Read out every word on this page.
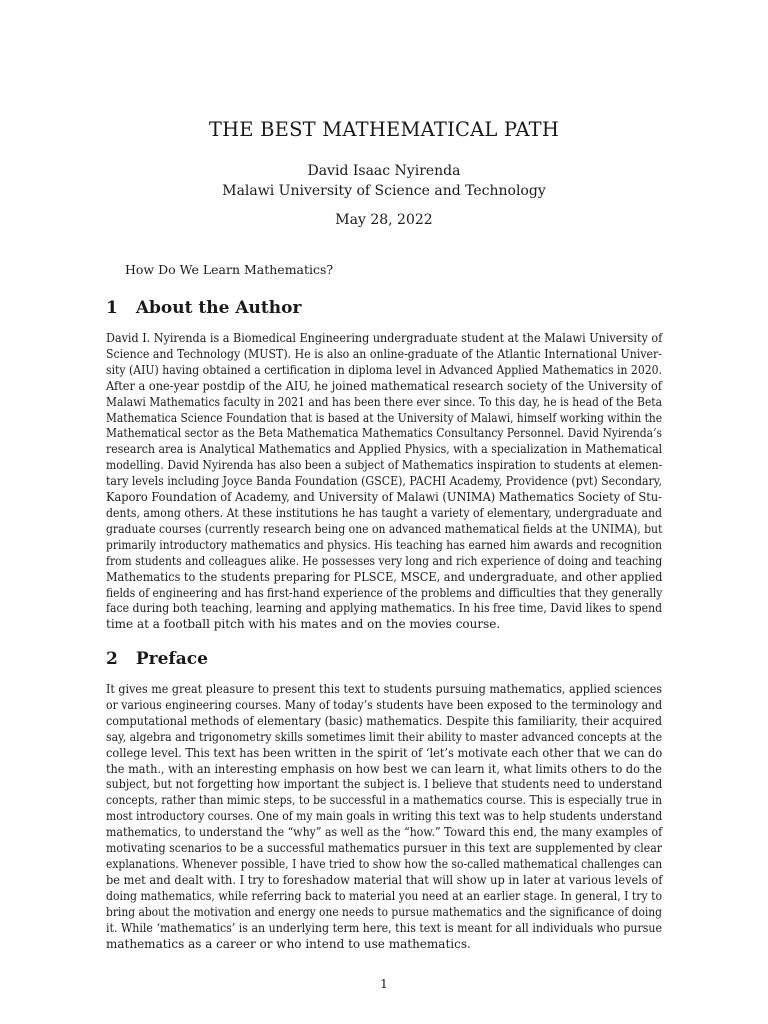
THE BEST MATHEMATICAL PATH
David Isaac Nyirenda
Malawi University of Science and Technology
May 28, 2022
How Do We Learn Mathematics?
1 About the Author
David I. Nyirenda is a Biomedical Engineering undergraduate student at the Malawi University of
Science and Technology (MUST). He is also an online-graduate of the Atlantic International Univer-
sity (AIU) having obtained a certification in diploma level in Advanced Applied Mathematics in 2020.
After a one-year postdip of the AIU, he joined mathematical research society of the University of
Malawi Mathematics faculty in 2021 and has been there ever since. To this day, he is head of the Beta
Mathematica Science Foundation that is based at the University of Malawi, himself working within the
Mathematical sector as the Beta Mathematica Mathematics Consultancy Personnel. David Nyirenda’s
research area is Analytical Mathematics and Applied Physics, with a specialization in Mathematical
modelling. David Nyirenda has also been a subject of Mathematics inspiration to students at elemen-
tary levels including Joyce Banda Foundation (GSCE), PACHI Academy, Providence (pvt) Secondary,
Kaporo Foundation of Academy, and University of Malawi (UNIMA) Mathematics Society of Stu-
dents, among others. At these institutions he has taught a variety of elementary, undergraduate and
graduate courses (currently research being one on advanced mathematical fields at the UNIMA), but
primarily introductory mathematics and physics. His teaching has earned him awards and recognition
from students and colleagues alike. He possesses very long and rich experience of doing and teaching
Mathematics to the students preparing for PLSCE, MSCE, and undergraduate, and other applied
fields of engineering and has first-hand experience of the problems and difficulties that they generally
face during both teaching, learning and applying mathematics. In his free time, David likes to spend
time at a football pitch with his mates and on the movies course.
2 Preface
It gives me great pleasure to present this text to students pursuing mathematics, applied sciences
or various engineering courses. Many of today’s students have been exposed to the terminology and
computational methods of elementary (basic) mathematics. Despite this familiarity, their acquired
say, algebra and trigonometry skills sometimes limit their ability to master advanced concepts at the
college level. This text has been written in the spirit of ‘let’s motivate each other that we can do
the math., with an interesting emphasis on how best we can learn it, what limits others to do the
subject, but not forgetting how important the subject is. I believe that students need to understand
concepts, rather than mimic steps, to be successful in a mathematics course. This is especially true in
most introductory courses. One of my main goals in writing this text was to help students understand
mathematics, to understand the “why” as well as the “how.” Toward this end, the many examples of
motivating scenarios to be a successful mathematics pursuer in this text are supplemented by clear
explanations. Whenever possible, I have tried to show how the so-called mathematical challenges can
be met and dealt with. I try to foreshadow material that will show up in later at various levels of
doing mathematics, while referring back to material you need at an earlier stage. In general, I try to
bring about the motivation and energy one needs to pursue mathematics and the significance of doing
it. While ‘mathematics’ is an underlying term here, this text is meant for all individuals who pursue
mathematics as a career or who intend to use mathematics.
1
